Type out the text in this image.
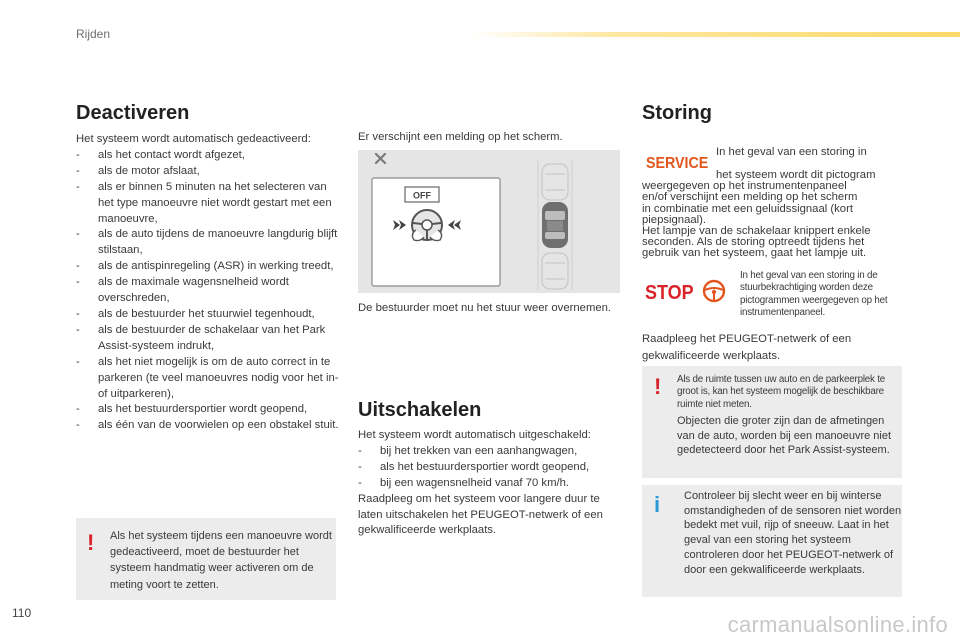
Rijden
Deactiveren
Het systeem wordt automatisch gedeactiveerd:
-	als het contact wordt afgezet,
-	als de motor afslaat,
-	als er binnen 5 minuten na het selecteren van het type manoeuvre niet wordt gestart met een manoeuvre,
-	als de auto tijdens de manoeuvre langdurig blijft stilstaan,
-	als de antispinregeling (ASR) in werking treedt,
-	als de maximale wagensnelheid wordt overschreden,
-	als de bestuurder het stuurwiel tegenhoudt,
-	als de bestuurder de schakelaar van het Park Assist-systeem indrukt,
-	als het niet mogelijk is om de auto correct in te parkeren (te veel manoeuvres nodig voor het in- of uitparkeren),
-	als het bestuurdersportier wordt geopend,
-	als één van de voorwielen op een obstakel stuit.
! Als het systeem tijdens een manoeuvre wordt gedeactiveerd, moet de bestuurder het systeem handmatig weer activeren om de meting voort te zetten.
Er verschijnt een melding op het scherm.
OFF
De bestuurder moet nu het stuur weer overnemen.
Uitschakelen
Het systeem wordt automatisch uitgeschakeld:
-	bij het trekken van een aanhangwagen,
-	als het bestuurdersportier wordt geopend,
-	bij een wagensnelheid vanaf 70 km/h.
Raadpleeg om het systeem voor langere duur te laten uitschakelen het PEUGEOT-netwerk of een gekwalificeerde werkplaats.
Storing
SERVICE
In het geval van een storing in
het systeem wordt dit pictogram
weergegeven op het instrumentenpaneel
en/of verschijnt een melding op het scherm
in combinatie met een geluidssignaal (kort
piepsignaal).
Het lampje van de schakelaar knippert enkele
seconden. Als de storing optreedt tijdens het
gebruik van het systeem, gaat het lampje uit.
STOP
In het geval van een storing in de stuurbekrachtiging worden deze pictogrammen weergegeven op het instrumentenpaneel.
Raadpleeg het PEUGEOT-netwerk of een gekwalificeerde werkplaats.
! Als de ruimte tussen uw auto en de parkeerplek te groot is, kan het systeem mogelijk de beschikbare ruimte niet meten.
Objecten die groter zijn dan de afmetingen van de auto, worden bij een manoeuvre niet gedetecteerd door het Park Assist-systeem.
i Controleer bij slecht weer en bij winterse omstandigheden of de sensoren niet worden bedekt met vuil, rijp of sneeuw. Laat in het geval van een storing het systeem controleren door het PEUGEOT-netwerk of door een gekwalificeerde werkplaats.
110	carmanualsonline.info
